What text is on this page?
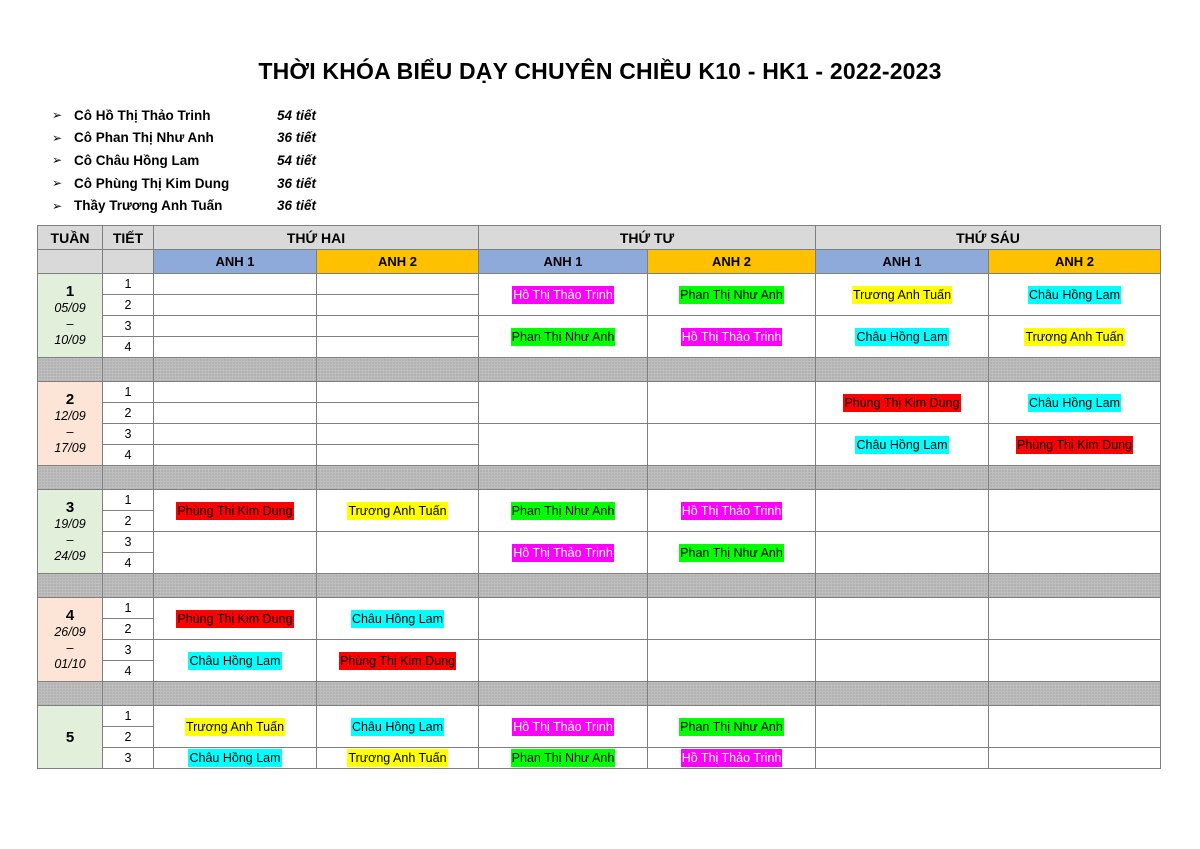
THỜI KHÓA BIỂU DẠY CHUYÊN CHIỀU K10 - HK1 - 2022-2023
➢ Cô Hồ Thị Thảo Trinh	54 tiết
➢ Cô Phan Thị Như Anh	36 tiết
➢ Cô Châu Hồng Lam	54 tiết
➢ Cô Phùng Thị Kim Dung	36 tiết
➢ Thầy Trương Anh Tuấn	36 tiết
TUẦN	TIẾT	THỨ HAI		THỨ TƯ		THỨ SÁU	
		ANH 1	ANH 2	ANH 1	ANH 2	ANH 1	ANH 2

1
05/09
–
10/09	1			Hồ Thị Thảo Trinh	Phan Thị Như Anh	Trương Anh Tuấn	Châu Hồng Lam
	2						
	3			Phan Thị Như Anh	Hồ Thị Thảo Trinh	Châu Hồng Lam	Trương Anh Tuấn
	4						

2
12/09
–
17/09	1					Phùng Thị Kim Dung	Châu Hồng Lam
	2						
	3					Châu Hồng Lam	Phùng Thị Kim Dung
	4						

3
19/09
–
24/09	1	Phùng Thị Kim Dung	Trương Anh Tuấn	Phan Thị Như Anh	Hồ Thị Thảo Trinh		
	2						
	3			Hồ Thị Thảo Trinh	Phan Thị Như Anh		
	4						

4
26/09
–
01/10	1	Phùng Thị Kim Dung	Châu Hồng Lam				
	2						
	3	Châu Hồng Lam	Phùng Thị Kim Dung				
	4						

5	1	Trương Anh Tuấn	Châu Hồng Lam	Hồ Thị Thảo Trinh	Phan Thị Như Anh		
	2						
	3	Châu Hồng Lam	Trương Anh Tuấn	Phan Thị Như Anh	Hồ Thị Thảo Trinh		
